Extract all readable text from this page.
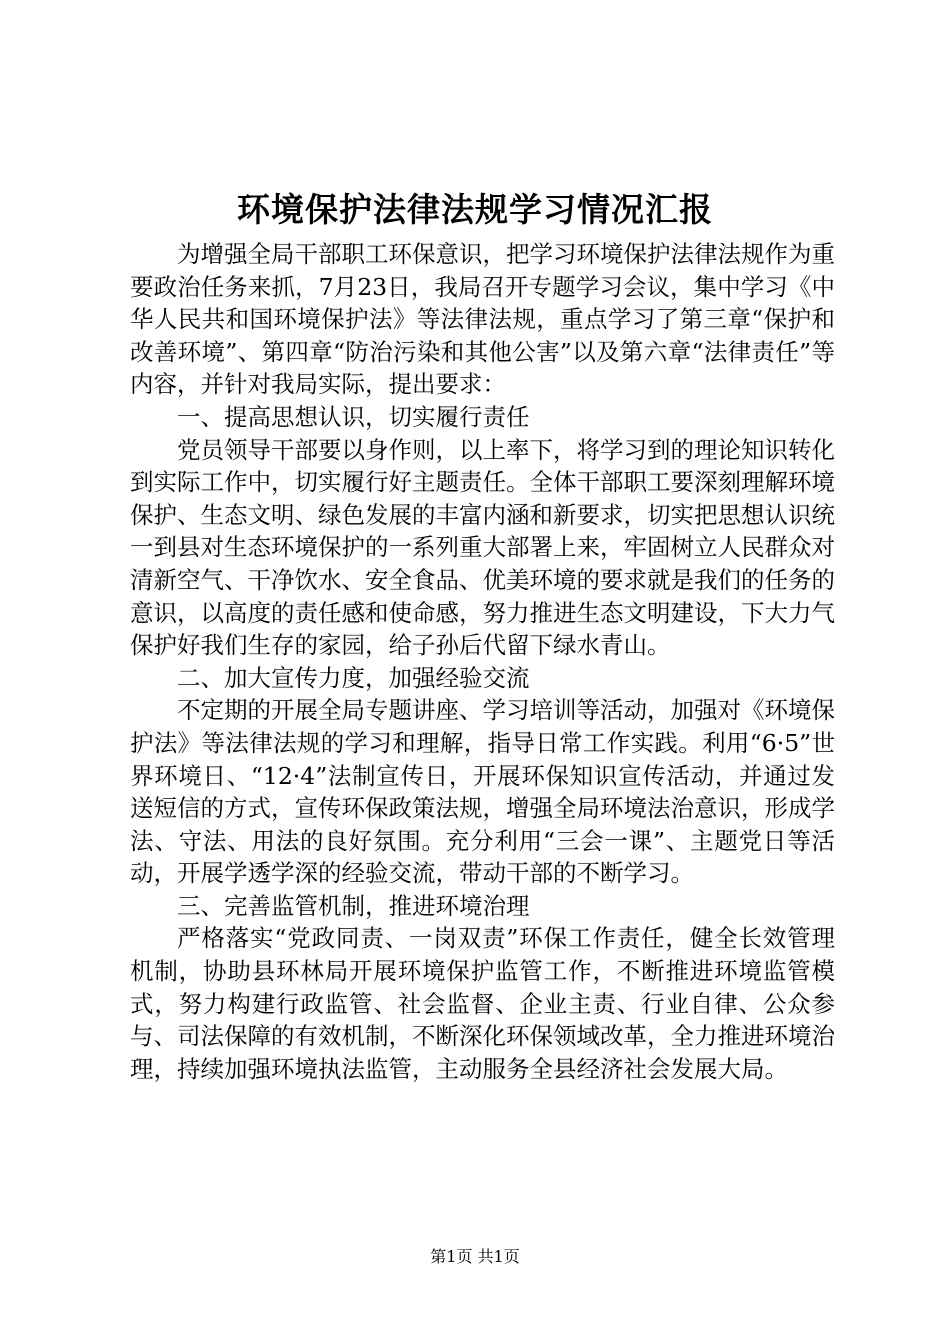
环境保护法律法规学习情况汇报

为增强全局干部职工环保意识，把学习环境保护法律法规作为重要政治任务来抓，7月23日，我局召开专题学习会议，集中学习《中华人民共和国环境保护法》等法律法规，重点学习了第三章“保护和改善环境”、第四章“防治污染和其他公害”以及第六章“法律责任”等内容，并针对我局实际，提出要求：

一、提高思想认识，切实履行责任

党员领导干部要以身作则，以上率下，将学习到的理论知识转化到实际工作中，切实履行好主题责任。全体干部职工要深刻理解环境保护、生态文明、绿色发展的丰富内涵和新要求，切实把思想认识统一到县对生态环境保护的一系列重大部署上来，牢固树立人民群众对清新空气、干净饮水、安全食品、优美环境的要求就是我们的任务的意识，以高度的责任感和使命感，努力推进生态文明建设，下大力气保护好我们生存的家园，给子孙后代留下绿水青山。

二、加大宣传力度，加强经验交流

不定期的开展全局专题讲座、学习培训等活动，加强对《环境保护法》等法律法规的学习和理解，指导日常工作实践。利用“6·5”世界环境日、“12·4”法制宣传日，开展环保知识宣传活动，并通过发送短信的方式，宣传环保政策法规，增强全局环境法治意识，形成学法、守法、用法的良好氛围。充分利用“三会一课”、主题党日等活动，开展学透学深的经验交流，带动干部的不断学习。

三、完善监管机制，推进环境治理

严格落实“党政同责、一岗双责”环保工作责任，健全长效管理机制，协助县环林局开展环境保护监管工作，不断推进环境监管模式，努力构建行政监管、社会监督、企业主责、行业自律、公众参与、司法保障的有效机制，不断深化环保领域改革，全力推进环境治理，持续加强环境执法监管，主动服务全县经济社会发展大局。

第1页 共1页
